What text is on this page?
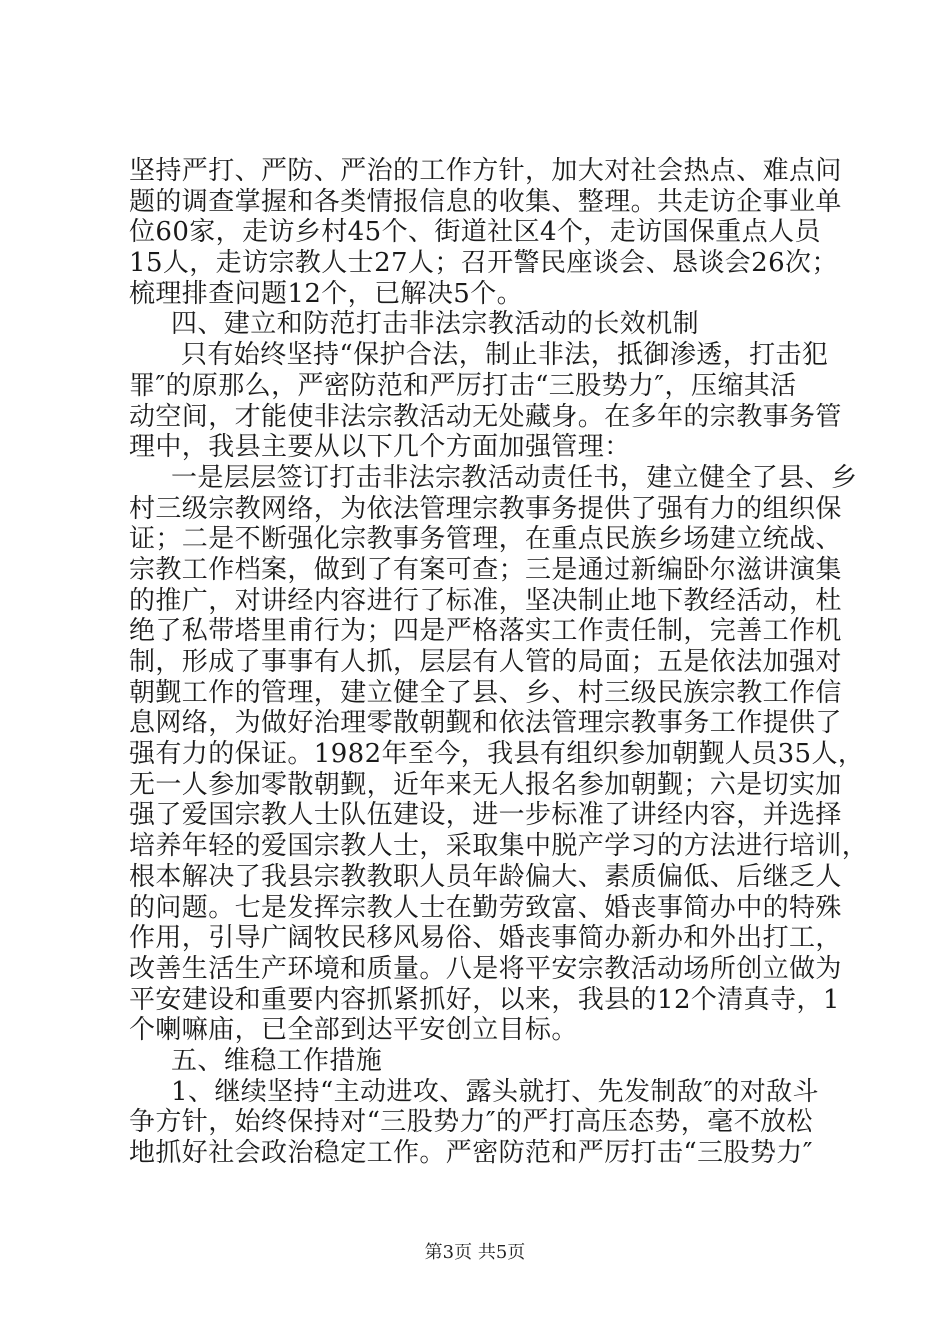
坚持严打、严防、严治的工作方针，加大对社会热点、难点问
题的调查掌握和各类情报信息的收集、整理。共走访企事业单
位60家，走访乡村45个、街道社区4个，走访国保重点人员
15人，走访宗教人士27人；召开警民座谈会、恳谈会26次；
梳理排查问题12个，已解决5个。
四、建立和防范打击非法宗教活动的长效机制
只有始终坚持“保护合法，制止非法，抵御渗透，打击犯
罪″的原那么，严密防范和严厉打击“三股势力″，压缩其活
动空间，才能使非法宗教活动无处藏身。在多年的宗教事务管
理中，我县主要从以下几个方面加强管理：
一是层层签订打击非法宗教活动责任书，建立健全了县、乡
村三级宗教网络，为依法管理宗教事务提供了强有力的组织保
证；二是不断强化宗教事务管理，在重点民族乡场建立统战、
宗教工作档案，做到了有案可查；三是通过新编卧尔滋讲演集
的推广，对讲经内容进行了标准，坚决制止地下教经活动，杜
绝了私带塔里甫行为；四是严格落实工作责任制，完善工作机
制，形成了事事有人抓，层层有人管的局面；五是依法加强对
朝觐工作的管理，建立健全了县、乡、村三级民族宗教工作信
息网络，为做好治理零散朝觐和依法管理宗教事务工作提供了
强有力的保证。1982年至今，我县有组织参加朝觐人员35人，
无一人参加零散朝觐，近年来无人报名参加朝觐；六是切实加
强了爱国宗教人士队伍建设，进一步标准了讲经内容，并选择
培养年轻的爱国宗教人士，采取集中脱产学习的方法进行培训，
根本解决了我县宗教教职人员年龄偏大、素质偏低、后继乏人
的问题。七是发挥宗教人士在勤劳致富、婚丧事简办中的特殊
作用，引导广阔牧民移风易俗、婚丧事简办新办和外出打工，
改善生活生产环境和质量。八是将平安宗教活动场所创立做为
平安建设和重要内容抓紧抓好，以来，我县的12个清真寺，1
个喇嘛庙，已全部到达平安创立目标。
五、维稳工作措施
1、继续坚持“主动进攻、露头就打、先发制敌″的对敌斗
争方针，始终保持对“三股势力″的严打高压态势，毫不放松
地抓好社会政治稳定工作。严密防范和严厉打击“三股势力″
第3页 共5页
